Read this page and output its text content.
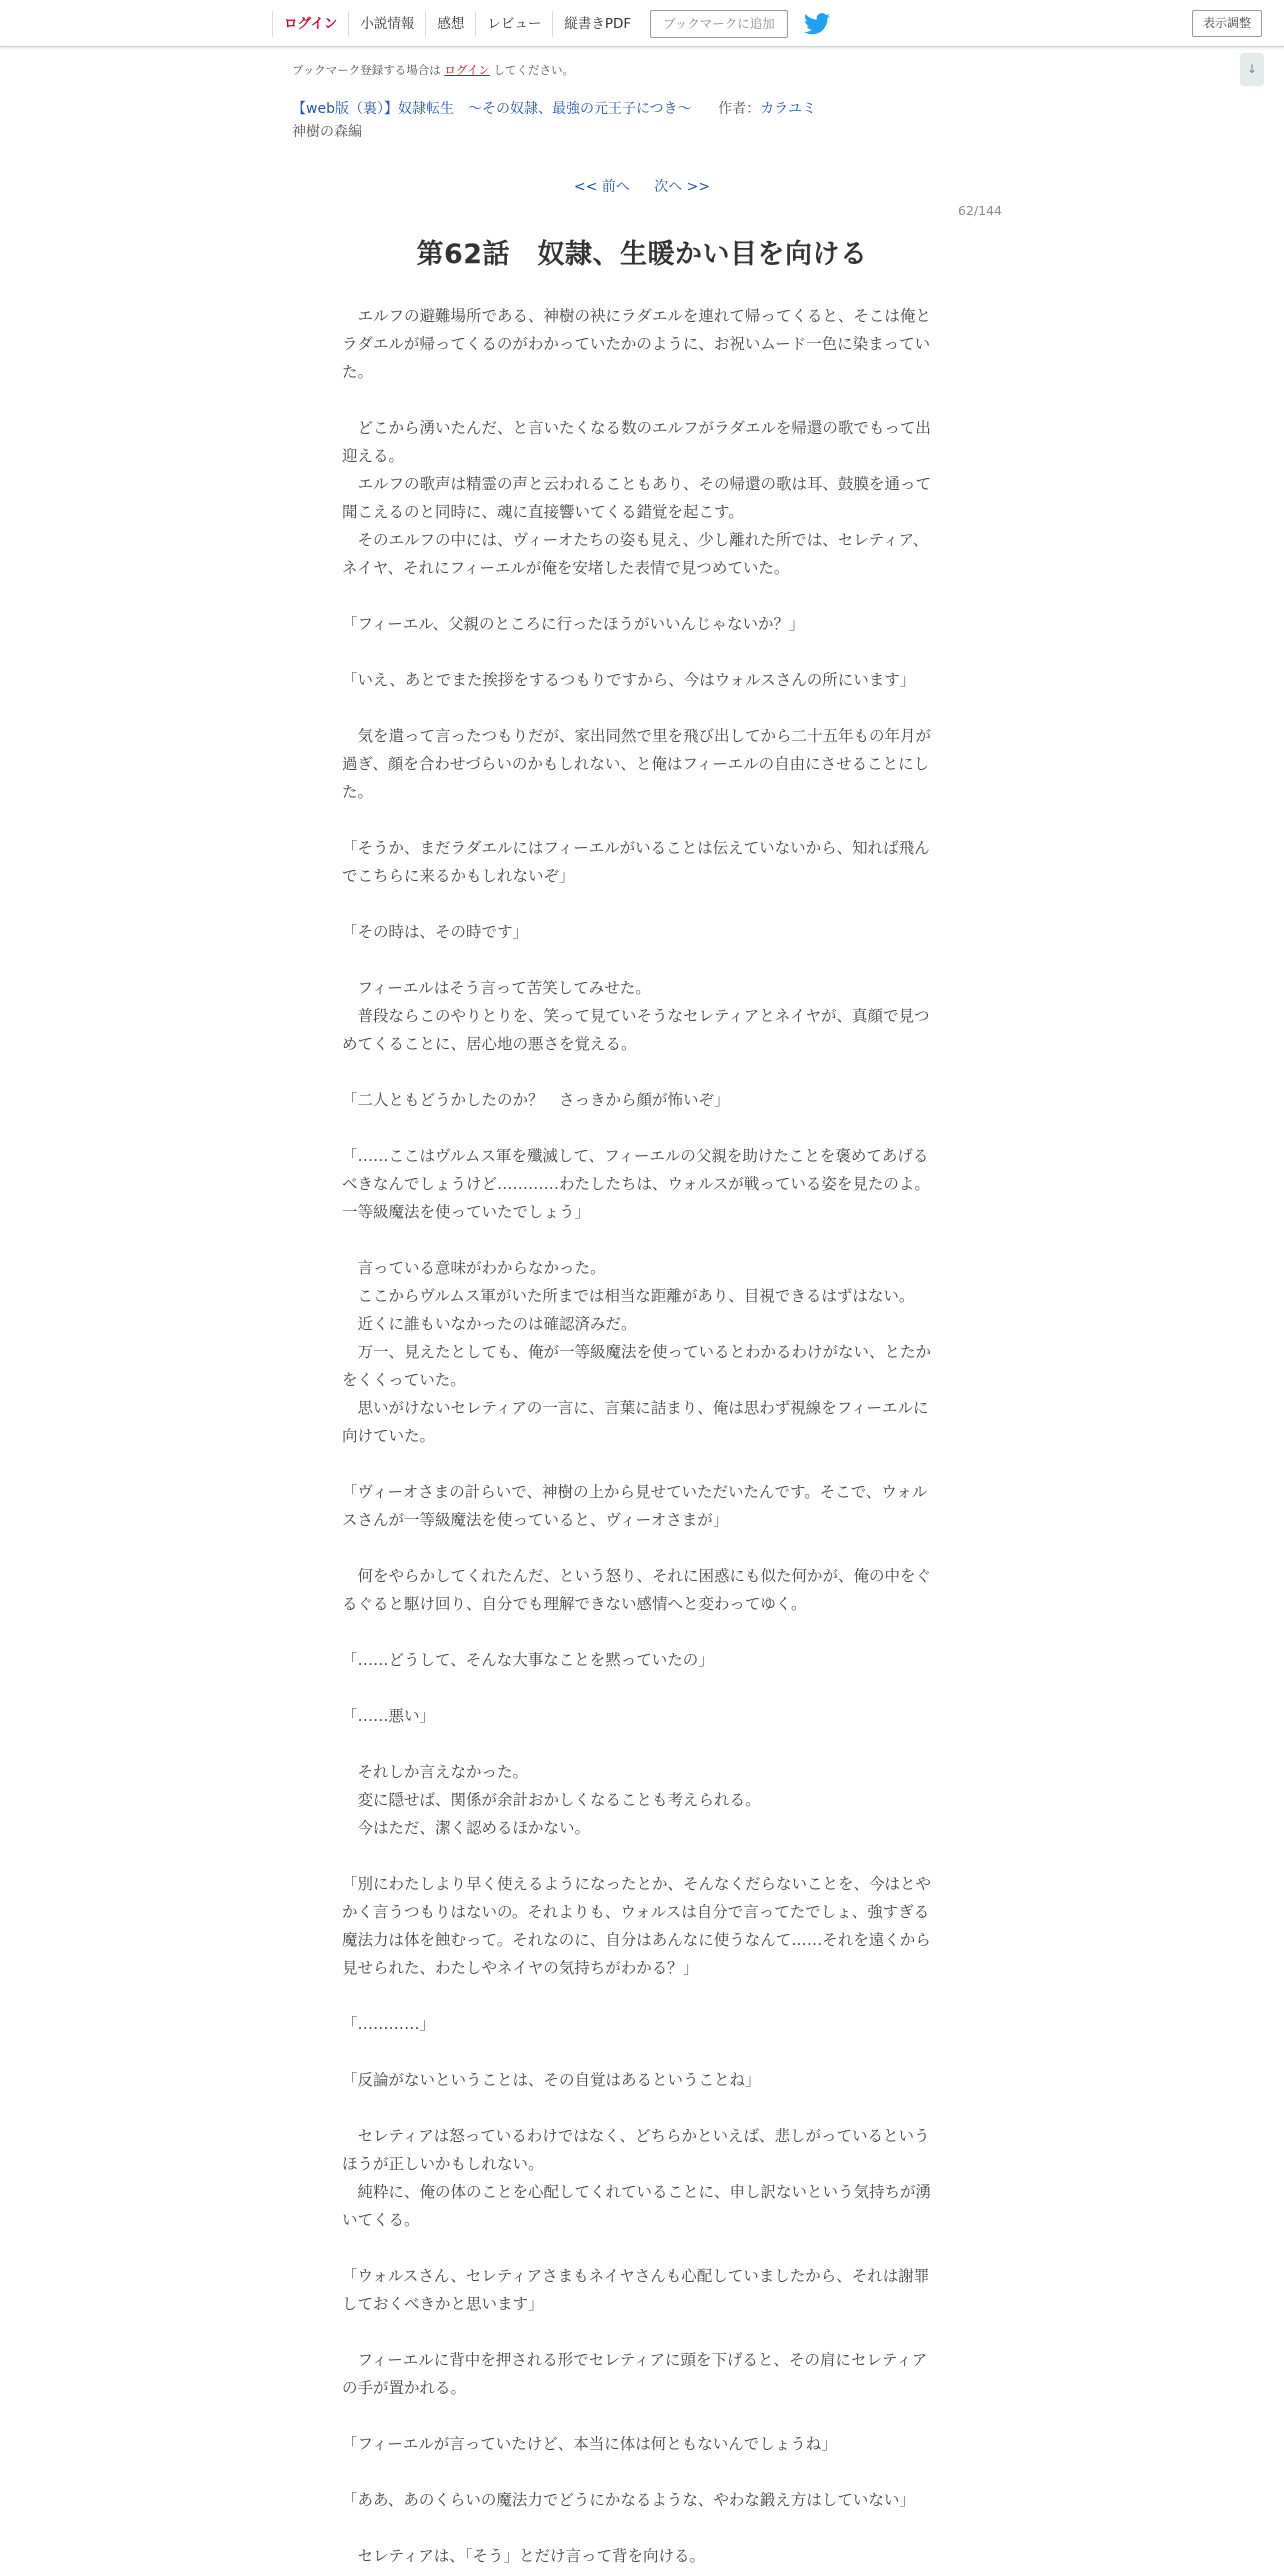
ログイン	小説情報	感想	レビュー	縦書きPDF	ブックマークに追加	表示調整
↓
ブックマーク登録する場合は ログイン してください。
【web版（裏）】奴隷転生　～その奴隷、最強の元王子につき～ 作者：カラユミ
神樹の森編
<< 前へ 次へ >>
62/144
第62話　奴隷、生暖かい目を向ける

　エルフの避難場所である、神樹の袂にラダエルを連れて帰ってくると、そこは俺とラダエルが帰ってくるのがわかっていたかのように、お祝いムード一色に染まっていた。

　どこから湧いたんだ、と言いたくなる数のエルフがラダエルを帰還の歌でもって出迎える。

　エルフの歌声は精霊の声と云われることもあり、その帰還の歌は耳、鼓膜を通って聞こえるのと同時に、魂に直接響いてくる錯覚を起こす。

　そのエルフの中には、ヴィーオたちの姿も見え、少し離れた所では、セレティア、ネイヤ、それにフィーエルが俺を安堵した表情で見つめていた。

「フィーエル、父親のところに行ったほうがいいんじゃないか？」

「いえ、あとでまた挨拶をするつもりですから、今はウォルスさんの所にいます」

　気を遣って言ったつもりだが、家出同然で里を飛び出してから二十五年もの年月が過ぎ、顔を合わせづらいのかもしれない、と俺はフィーエルの自由にさせることにした。

「そうか、まだラダエルにはフィーエルがいることは伝えていないから、知れば飛んでこちらに来るかもしれないぞ」

「その時は、その時です」

　フィーエルはそう言って苦笑してみせた。

　普段ならこのやりとりを、笑って見ていそうなセレティアとネイヤが、真顔で見つめてくることに、居心地の悪さを覚える。

「二人ともどうかしたのか？　さっきから顔が怖いぞ」

「……ここはヴルムス軍を殲滅して、フィーエルの父親を助けたことを褒めてあげるべきなんでしょうけど…………わたしたちは、ウォルスが戦っている姿を見たのよ。一等級魔法を使っていたでしょう」

　言っている意味がわからなかった。

　ここからヴルムス軍がいた所までは相当な距離があり、目視できるはずはない。

　近くに誰もいなかったのは確認済みだ。

　万一、見えたとしても、俺が一等級魔法を使っているとわかるわけがない、とたかをくくっていた。

　思いがけないセレティアの一言に、言葉に詰まり、俺は思わず視線をフィーエルに向けていた。

「ヴィーオさまの計らいで、神樹の上から見せていただいたんです。そこで、ウォルスさんが一等級魔法を使っていると、ヴィーオさまが」

　何をやらかしてくれたんだ、という怒り、それに困惑にも似た何かが、俺の中をぐるぐると駆け回り、自分でも理解できない感情へと変わってゆく。

「……どうして、そんな大事なことを黙っていたの」

「……悪い」

　それしか言えなかった。

　変に隠せば、関係が余計おかしくなることも考えられる。

　今はただ、潔く認めるほかない。

「別にわたしより早く使えるようになったとか、そんなくだらないことを、今はとやかく言うつもりはないの。それよりも、ウォルスは自分で言ってたでしょ、強すぎる魔法力は体を蝕むって。それなのに、自分はあんなに使うなんて……それを遠くから見せられた、わたしやネイヤの気持ちがわかる？」

「…………」

「反論がないということは、その自覚はあるということね」

　セレティアは怒っているわけではなく、どちらかといえば、悲しがっているというほうが正しいかもしれない。

　純粋に、俺の体のことを心配してくれていることに、申し訳ないという気持ちが湧いてくる。

「ウォルスさん、セレティアさまもネイヤさんも心配していましたから、それは謝罪しておくべきかと思います」

　フィーエルに背中を押される形でセレティアに頭を下げると、その肩にセレティアの手が置かれる。

「フィーエルが言っていたけど、本当に体は何ともないんでしょうね」

「ああ、あのくらいの魔法力でどうにかなるような、やわな鍛え方はしていない」

　セレティアは、「そう」とだけ言って背を向ける。
